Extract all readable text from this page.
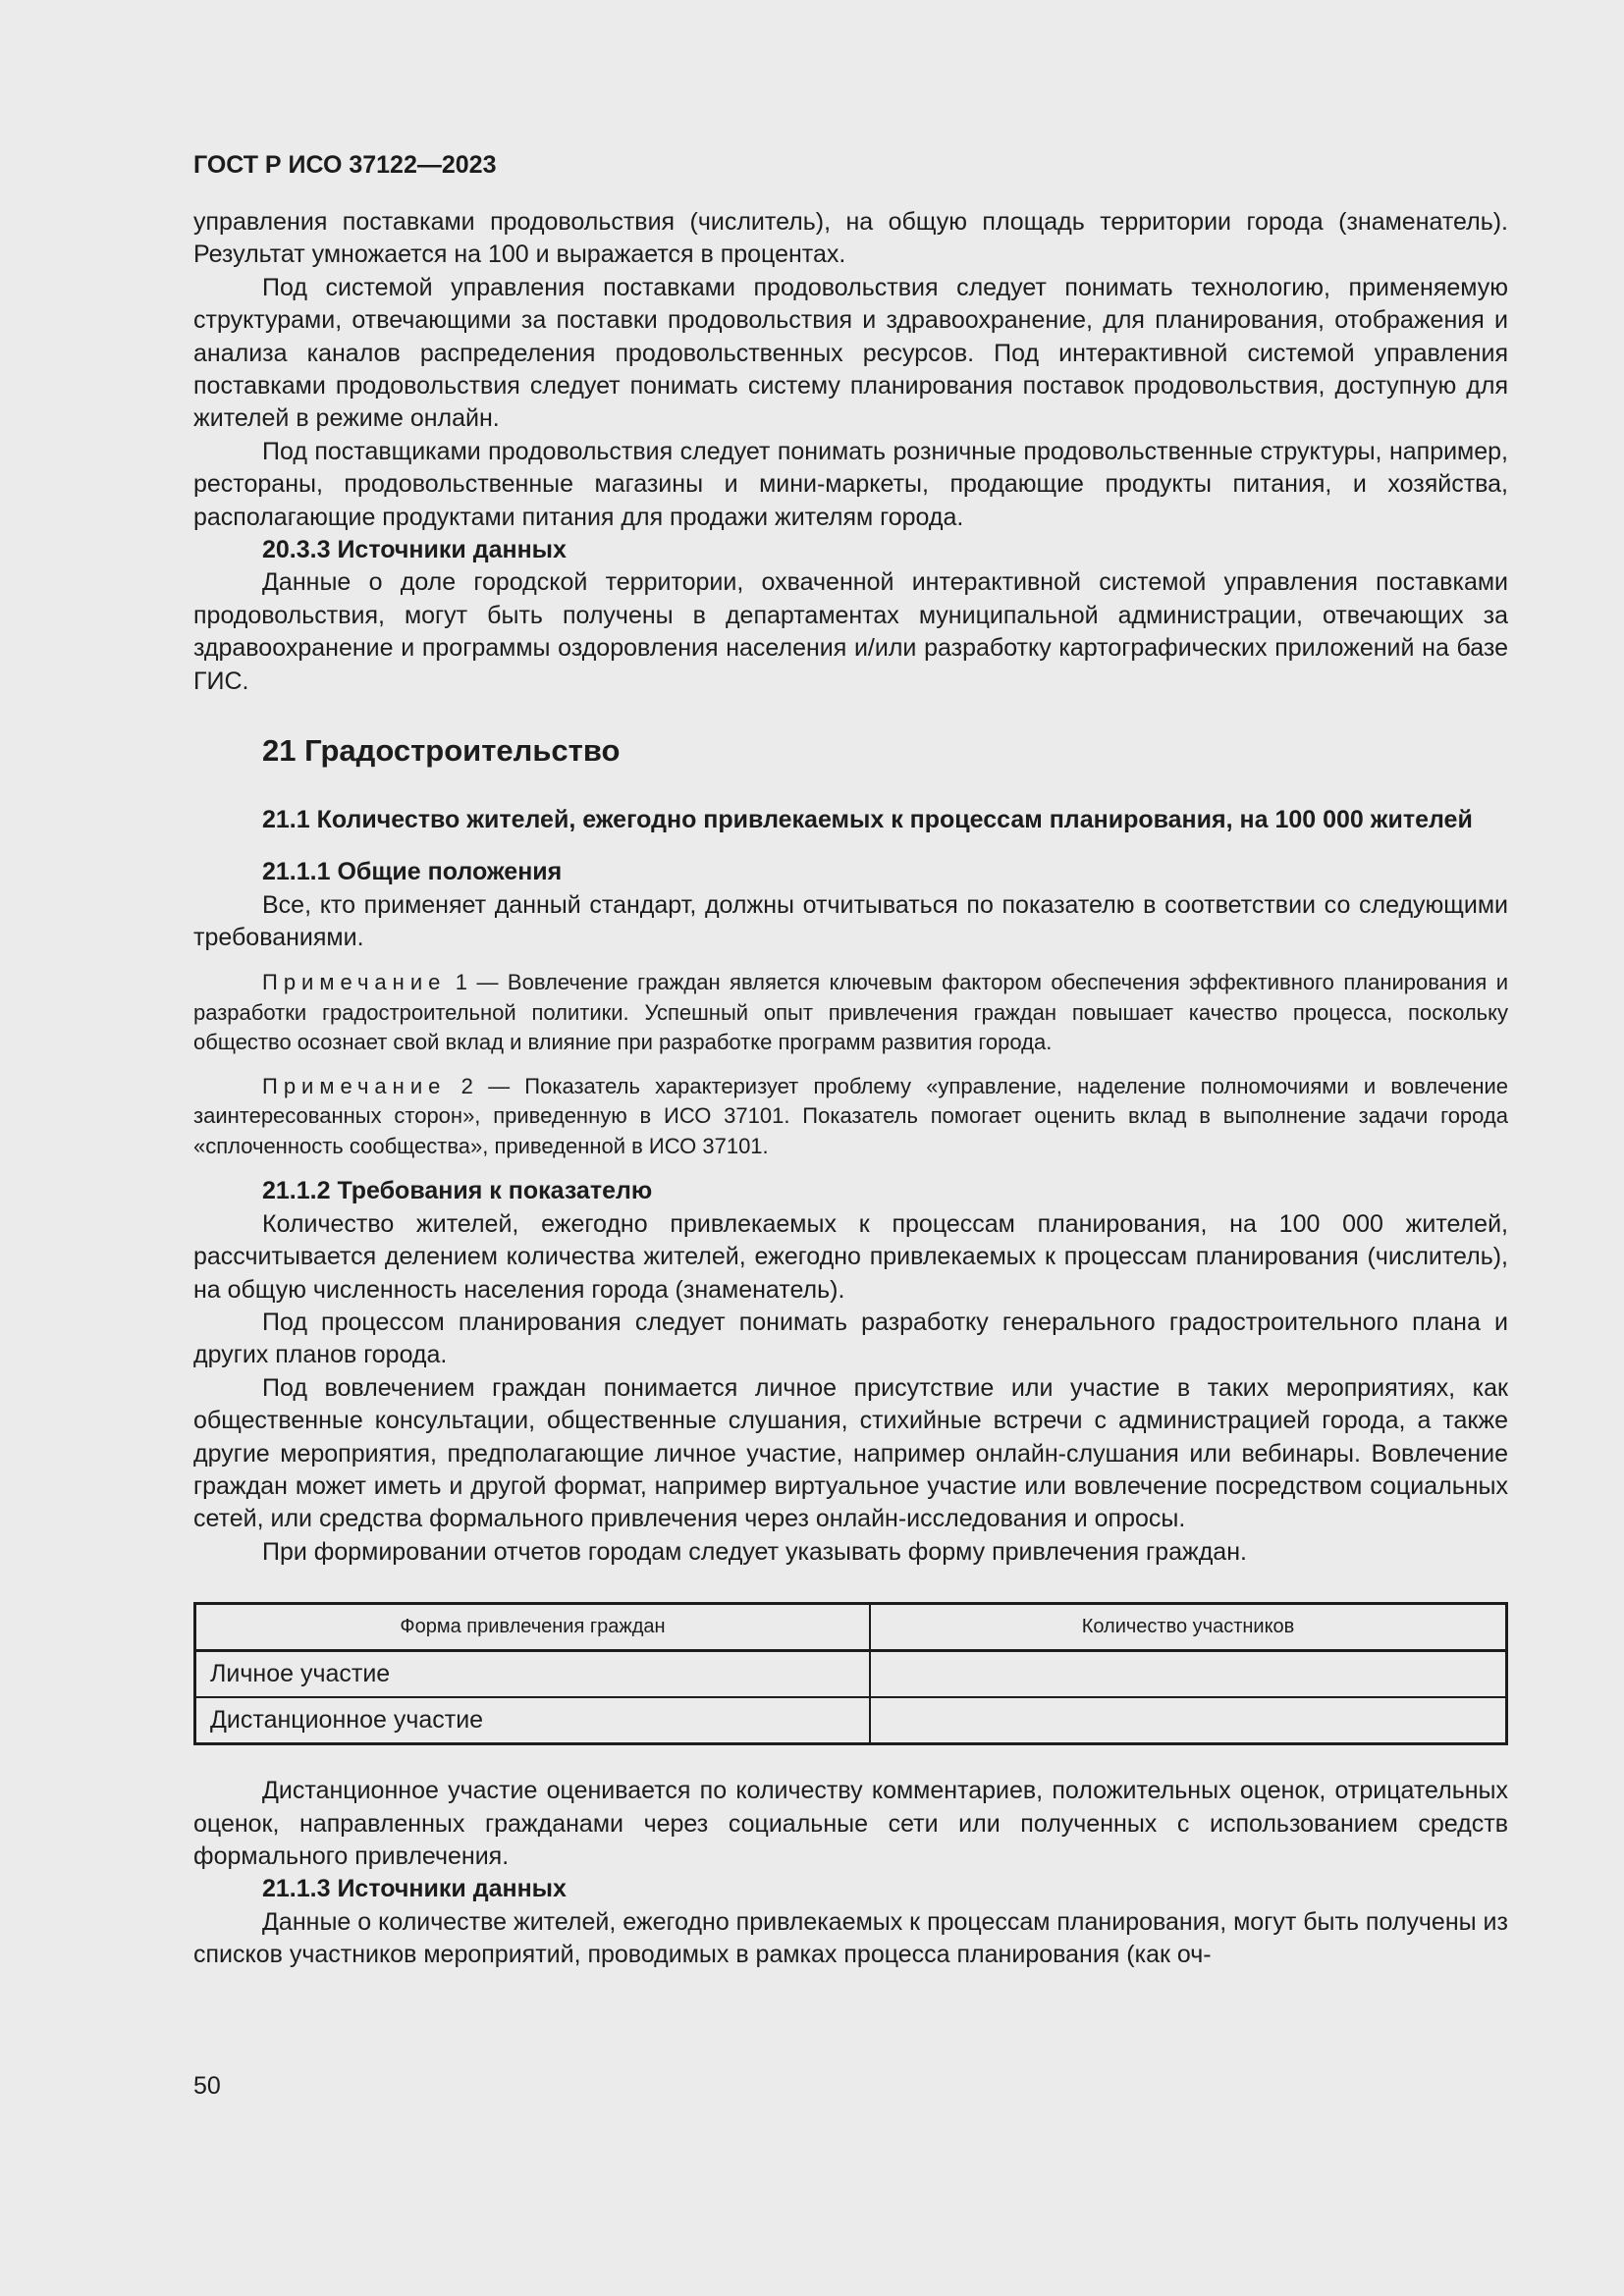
ГОСТ Р ИСО 37122—2023
управления поставками продовольствия (числитель), на общую площадь территории города (знаменатель). Результат умножается на 100 и выражается в процентах.
Под системой управления поставками продовольствия следует понимать технологию, применяемую структурами, отвечающими за поставки продовольствия и здравоохранение, для планирования, отображения и анализа каналов распределения продовольственных ресурсов. Под интерактивной системой управления поставками продовольствия следует понимать систему планирования поставок продовольствия, доступную для жителей в режиме онлайн.
Под поставщиками продовольствия следует понимать розничные продовольственные структуры, например, рестораны, продовольственные магазины и мини-маркеты, продающие продукты питания, и хозяйства, располагающие продуктами питания для продажи жителям города.
20.3.3 Источники данных
Данные о доле городской территории, охваченной интерактивной системой управления поставками продовольствия, могут быть получены в департаментах муниципальной администрации, отвечающих за здравоохранение и программы оздоровления населения и/или разработку картографических приложений на базе ГИС.
21 Градостроительство
21.1 Количество жителей, ежегодно привлекаемых к процессам планирования, на 100 000 жителей
21.1.1 Общие положения
Все, кто применяет данный стандарт, должны отчитываться по показателю в соответствии со следующими требованиями.
Примечание 1 — Вовлечение граждан является ключевым фактором обеспечения эффективного планирования и разработки градостроительной политики. Успешный опыт привлечения граждан повышает качество процесса, поскольку общество осознает свой вклад и влияние при разработке программ развития города.
Примечание 2 — Показатель характеризует проблему «управление, наделение полномочиями и вовлечение заинтересованных сторон», приведенную в ИСО 37101. Показатель помогает оценить вклад в выполнение задачи города «сплоченность сообщества», приведенной в ИСО 37101.
21.1.2 Требования к показателю
Количество жителей, ежегодно привлекаемых к процессам планирования, на 100 000 жителей, рассчитывается делением количества жителей, ежегодно привлекаемых к процессам планирования (числитель), на общую численность населения города (знаменатель).
Под процессом планирования следует понимать разработку генерального градостроительного плана и других планов города.
Под вовлечением граждан понимается личное присутствие или участие в таких мероприятиях, как общественные консультации, общественные слушания, стихийные встречи с администрацией города, а также другие мероприятия, предполагающие личное участие, например онлайн-слушания или вебинары. Вовлечение граждан может иметь и другой формат, например виртуальное участие или вовлечение посредством социальных сетей, или средства формального привлечения через онлайн-исследования и опросы.
При формировании отчетов городам следует указывать форму привлечения граждан.
Форма привлечения граждан	Количество участников
Личное участие	
Дистанционное участие	
Дистанционное участие оценивается по количеству комментариев, положительных оценок, отрицательных оценок, направленных гражданами через социальные сети или полученных с использованием средств формального привлечения.
21.1.3 Источники данных
Данные о количестве жителей, ежегодно привлекаемых к процессам планирования, могут быть получены из списков участников мероприятий, проводимых в рамках процесса планирования (как оч-
50
